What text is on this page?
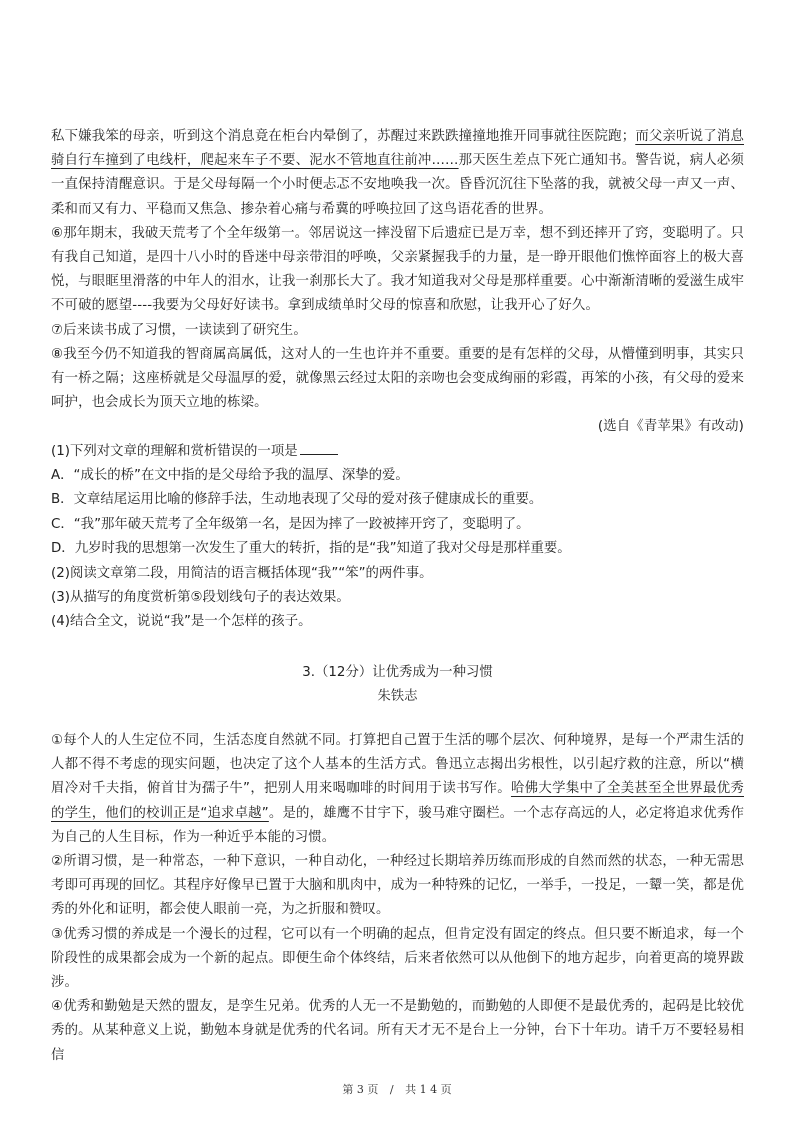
私下嫌我笨的母亲，听到这个消息竟在柜台内晕倒了，苏醒过来跌跌撞撞地推开同事就往医院跑；而父亲听说了消息骑自行车撞到了电线杆，爬起来车子不要、泥水不管地直往前冲……那天医生差点下死亡通知书。警告说，病人必须一直保持清醒意识。于是父母每隔一个小时便忐忑不安地唤我一次。昏昏沉沉往下坠落的我，就被父母一声又一声、柔和而又有力、平稳而又焦急、掺杂着心痛与希冀的呼唤拉回了这鸟语花香的世界。

⑥那年期末，我破天荒考了个全年级第一。邻居说这一摔没留下后遗症已是万幸，想不到还摔开了窍，变聪明了。只有我自己知道，是四十八小时的昏迷中母亲带泪的呼唤，父亲紧握我手的力量，是一睁开眼他们憔悴面容上的极大喜悦，与眼眶里滑落的中年人的泪水，让我一刹那长大了。我才知道我对父母是那样重要。心中渐渐清晰的爱滋生成牢不可破的愿望----我要为父母好好读书。拿到成绩单时父母的惊喜和欣慰，让我开心了好久。

⑦后来读书成了习惯，一读读到了研究生。

⑧我至今仍不知道我的智商属高属低，这对人的一生也许并不重要。重要的是有怎样的父母，从懵懂到明事，其实只有一桥之隔；这座桥就是父母温厚的爱，就像黑云经过太阳的亲吻也会变成绚丽的彩霞，再笨的小孩，有父母的爱来呵护，也会成长为顶天立地的栋梁。

(选自《青苹果》有改动)

(1)下列对文章的理解和赏析错误的一项是

A．“成长的桥”在文中指的是父母给予我的温厚、深挚的爱。

B．文章结尾运用比喻的修辞手法，生动地表现了父母的爱对孩子健康成长的重要。

C．“我”那年破天荒考了全年级第一名，是因为摔了一跤被摔开窍了，变聪明了。

D．九岁时我的思想第一次发生了重大的转折，指的是“我”知道了我对父母是那样重要。

(2)阅读文章第二段，用简洁的语言概括体现“我”“笨”的两件事。

(3)从描写的角度赏析第⑤段划线句子的表达效果。

(4)结合全文，说说“我”是一个怎样的孩子。

3.（12分）让优秀成为一种习惯

朱铁志

①每个人的人生定位不同，生活态度自然就不同。打算把自己置于生活的哪个层次、何种境界，是每一个严肃生活的人都不得不考虑的现实问题，也决定了这个人基本的生活方式。鲁迅立志揭出劣根性，以引起疗救的注意，所以“横眉冷对千夫指，俯首甘为孺子牛”，把别人用来喝咖啡的时间用于读书写作。哈佛大学集中了全美甚至全世界最优秀的学生，他们的校训正是“追求卓越”。是的，雄鹰不甘宇下，骏马难守圈栏。一个志存高远的人，必定将追求优秀作为自己的人生目标，作为一种近乎本能的习惯。

②所谓习惯，是一种常态，一种下意识，一种自动化，一种经过长期培养历练而形成的自然而然的状态，一种无需思考即可再现的回忆。其程序好像早已置于大脑和肌肉中，成为一种特殊的记忆，一举手，一投足，一颦一笑，都是优秀的外化和证明，都会使人眼前一亮，为之折服和赞叹。

③优秀习惯的养成是一个漫长的过程，它可以有一个明确的起点，但肯定没有固定的终点。但只要不断追求，每一个阶段性的成果都会成为一个新的起点。即便生命个体终结，后来者依然可以从他倒下的地方起步，向着更高的境界跋涉。

④优秀和勤勉是天然的盟友，是孪生兄弟。优秀的人无一不是勤勉的，而勤勉的人即便不是最优秀的，起码是比较优秀的。从某种意义上说，勤勉本身就是优秀的代名词。所有天才无不是台上一分钟，台下十年功。请千万不要轻易相信

第 3 页 / 共 1 4 页
